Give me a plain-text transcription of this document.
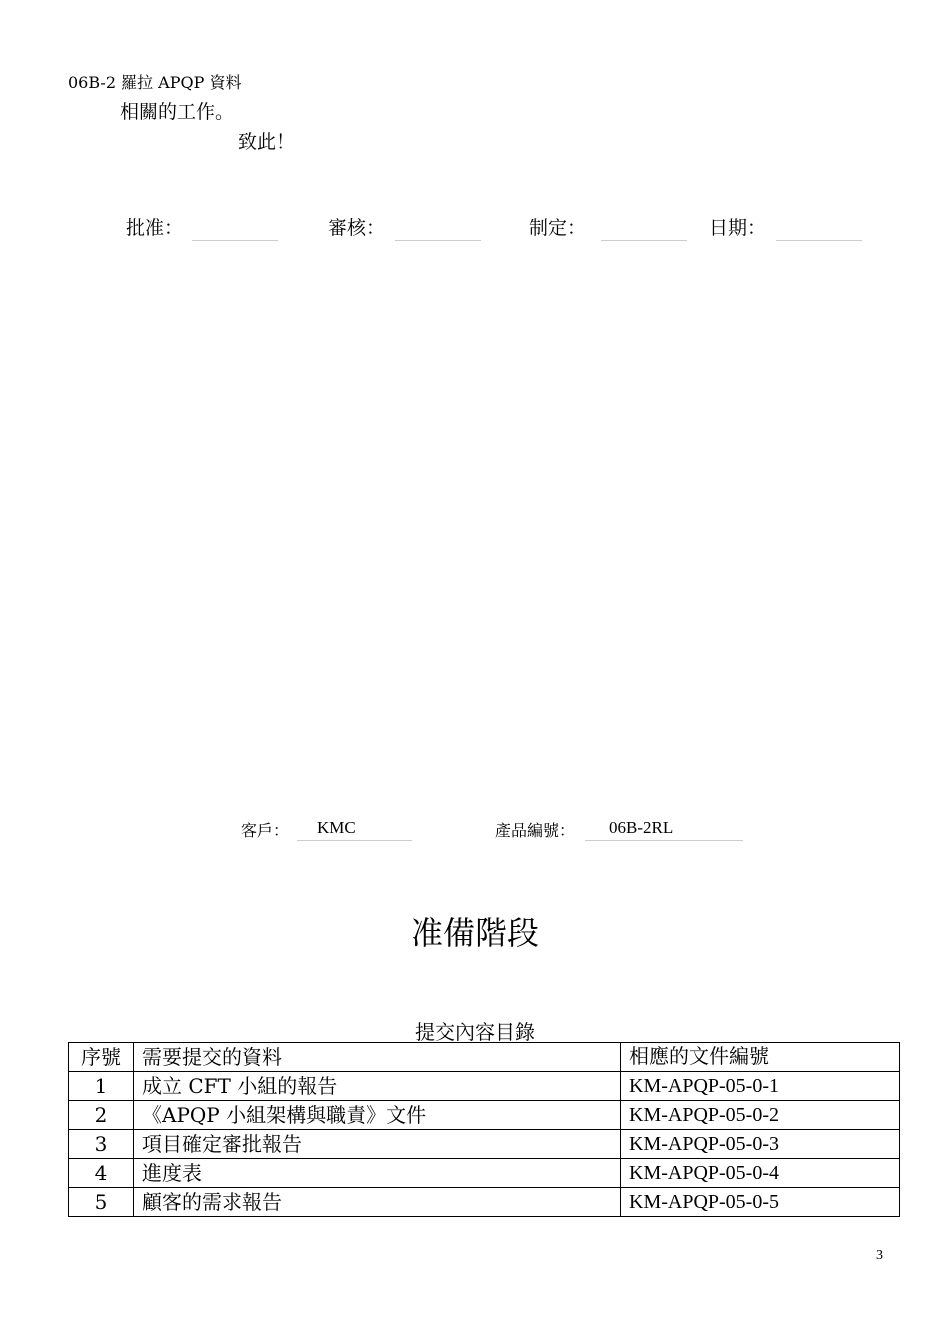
06B-2 羅拉 APQP 資料
相關的工作。
致此！
批准：	審核：	制定：	日期：
客戶： KMC	產品編號： 06B-2RL
准備階段
提交內容目錄
序號	需要提交的資料	相應的文件編號
1	成立 CFT 小組的報告	KM-APQP-05-0-1
2	《APQP 小組架構與職責》文件	KM-APQP-05-0-2
3	項目確定審批報告	KM-APQP-05-0-3
4	進度表	KM-APQP-05-0-4
5	顧客的需求報告	KM-APQP-05-0-5
3
